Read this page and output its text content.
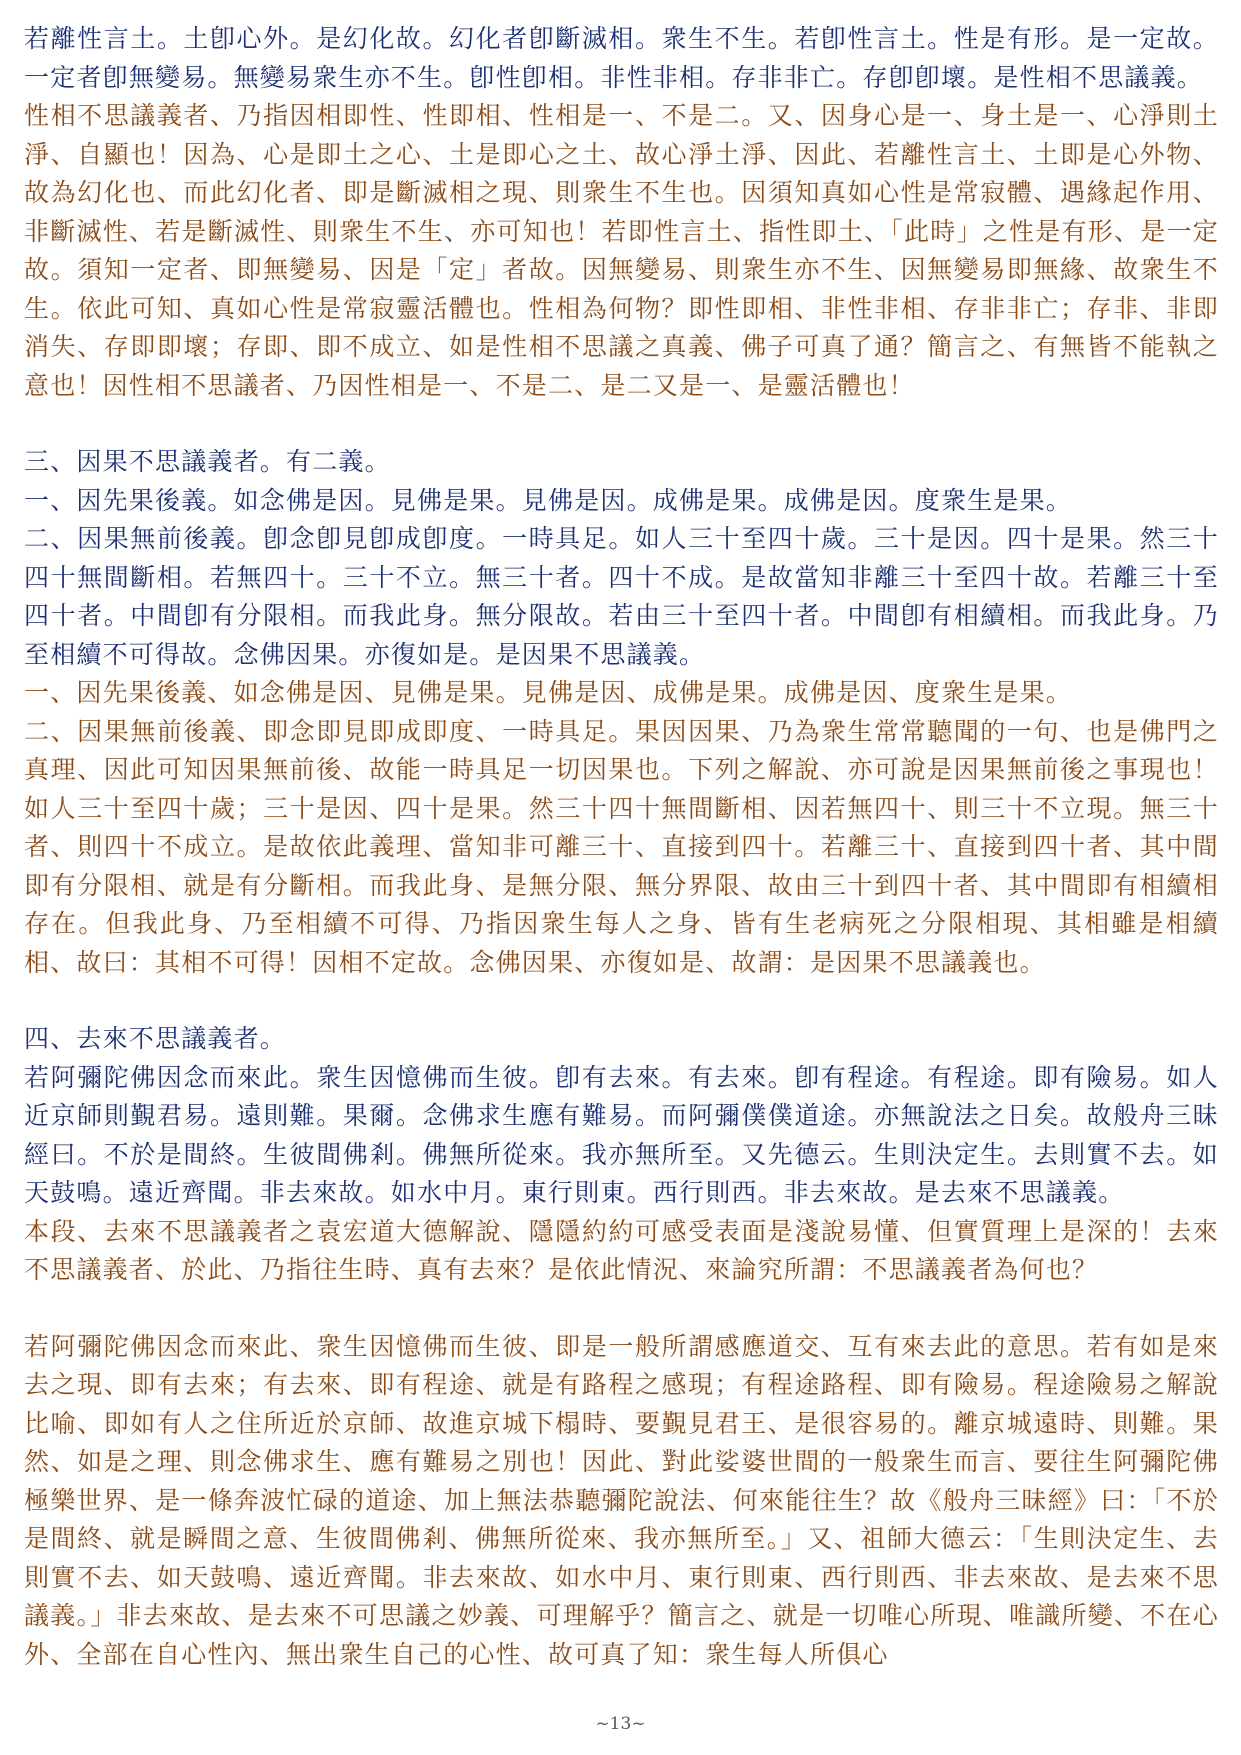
若離性言土。土卽心外。是幻化故。幻化者卽斷滅相。衆生不生。若卽性言土。性是有形。是一定故。一定者卽無變易。無變易衆生亦不生。卽性卽相。非性非相。存非非亡。存卽卽壞。是性相不思議義。

性相不思議義者、乃指因相即性、性即相、性相是一、不是二。又、因身心是一、身土是一、心淨則土淨、自顯也！因為、心是即土之心、土是即心之土、故心淨土淨、因此、若離性言土、土即是心外物、故為幻化也、而此幻化者、即是斷滅相之現、則衆生不生也。因須知真如心性是常寂體、遇緣起作用、非斷滅性、若是斷滅性、則衆生不生、亦可知也！若即性言土、指性即土、「此時」之性是有形、是一定故。須知一定者、即無變易、因是「定」者故。因無變易、則衆生亦不生、因無變易即無緣、故衆生不生。依此可知、真如心性是常寂靈活體也。性相為何物？即性即相、非性非相、存非非亡；存非、非即消失、存即即壞；存即、即不成立、如是性相不思議之真義、佛子可真了通？簡言之、有無皆不能執之意也！因性相不思議者、乃因性相是一、不是二、是二又是一、是靈活體也！

三、因果不思議義者。有二義。

一、因先果後義。如念佛是因。見佛是果。見佛是因。成佛是果。成佛是因。度衆生是果。

二、因果無前後義。卽念卽見卽成卽度。一時具足。如人三十至四十歲。三十是因。四十是果。然三十四十無間斷相。若無四十。三十不立。無三十者。四十不成。是故當知非離三十至四十故。若離三十至四十者。中間卽有分限相。而我此身。無分限故。若由三十至四十者。中間卽有相續相。而我此身。乃至相續不可得故。念佛因果。亦復如是。是因果不思議義。

一、因先果後義、如念佛是因、見佛是果。見佛是因、成佛是果。成佛是因、度衆生是果。

二、因果無前後義、即念即見即成即度、一時具足。果因因果、乃為衆生常常聽聞的一句、也是佛門之真理、因此可知因果無前後、故能一時具足一切因果也。下列之解說、亦可說是因果無前後之事現也！如人三十至四十歲；三十是因、四十是果。然三十四十無間斷相、因若無四十、則三十不立現。無三十者、則四十不成立。是故依此義理、當知非可離三十、直接到四十。若離三十、直接到四十者、其中間即有分限相、就是有分斷相。而我此身、是無分限、無分界限、故由三十到四十者、其中間即有相續相存在。但我此身、乃至相續不可得、乃指因衆生每人之身、皆有生老病死之分限相現、其相雖是相續相、故曰：其相不可得！因相不定故。念佛因果、亦復如是、故謂：是因果不思議義也。

四、去來不思議義者。

若阿彌陀佛因念而來此。衆生因憶佛而生彼。卽有去來。有去來。卽有程途。有程途。即有險易。如人近京師則覲君易。遠則難。果爾。念佛求生應有難易。而阿彌僕僕道途。亦無說法之日矣。故般舟三昧經曰。不於是間終。生彼間佛剎。佛無所從來。我亦無所至。又先德云。生則決定生。去則實不去。如天鼓鳴。遠近齊聞。非去來故。如水中月。東行則東。西行則西。非去來故。是去來不思議義。

本段、去來不思議義者之袁宏道大德解說、隱隱約約可感受表面是淺說易懂、但實質理上是深的！去來不思議義者、於此、乃指往生時、真有去來？是依此情況、來論究所謂：不思議義者為何也？

若阿彌陀佛因念而來此、衆生因憶佛而生彼、即是一般所謂感應道交、互有來去此的意思。若有如是來去之現、即有去來；有去來、即有程途、就是有路程之感現；有程途路程、即有險易。程途險易之解說比喻、即如有人之住所近於京師、故進京城下榻時、要覲見君王、是很容易的。離京城遠時、則難。果然、如是之理、則念佛求生、應有難易之別也！因此、對此娑婆世間的一般衆生而言、要往生阿彌陀佛極樂世界、是一條奔波忙碌的道途、加上無法恭聽彌陀說法、何來能往生？故《般舟三昧經》曰：「不於是間終、就是瞬間之意、生彼間佛剎、佛無所從來、我亦無所至。」又、祖師大德云：「生則決定生、去則實不去、如天鼓鳴、遠近齊聞。非去來故、如水中月、東行則東、西行則西、非去來故、是去來不思議義。」非去來故、是去來不可思議之妙義、可理解乎？簡言之、就是一切唯心所現、唯識所變、不在心外、全部在自心性內、無出衆生自己的心性、故可真了知：衆生每人所俱心

~13~
